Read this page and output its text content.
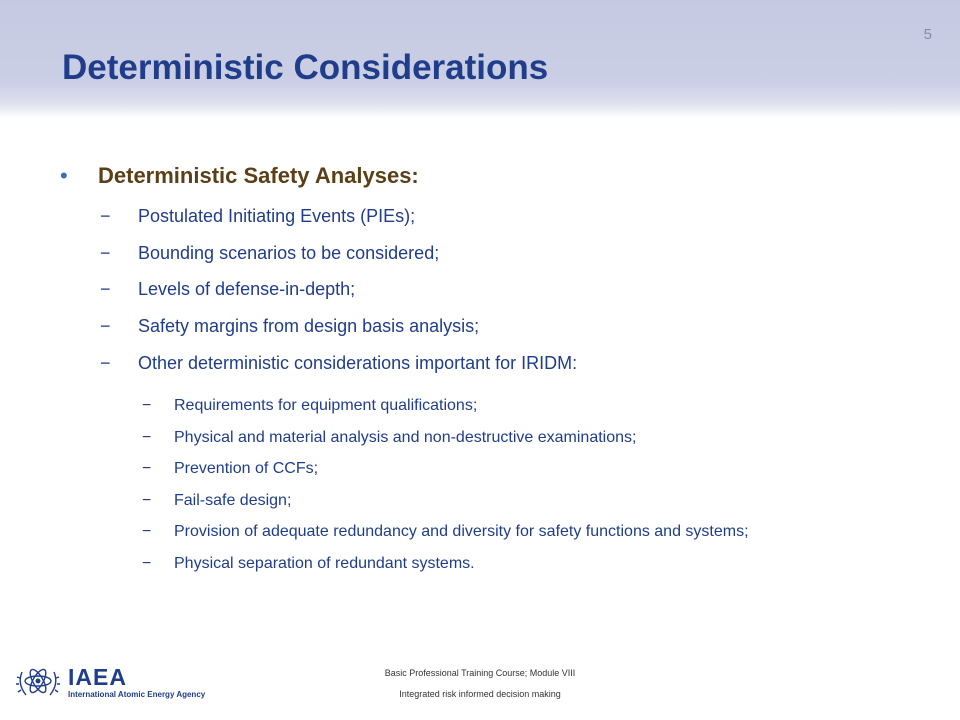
Deterministic Considerations
5
•	Deterministic Safety Analyses:
−	Postulated Initiating Events (PIEs);
−	Bounding scenarios to be considered;
−	Levels of defense-in-depth;
−	Safety margins from design basis analysis;
−	Other deterministic considerations important for IRIDM:
−	Requirements for equipment qualifications;
−	Physical and material analysis and non-destructive examinations;
−	Prevention of CCFs;
−	Fail-safe design;
−	Provision of adequate redundancy and diversity for safety functions and systems;
−	Physical separation of redundant systems.
IAEA
International Atomic Energy Agency
Basic Professional Training Course; Module VIII
Integrated risk informed decision making
